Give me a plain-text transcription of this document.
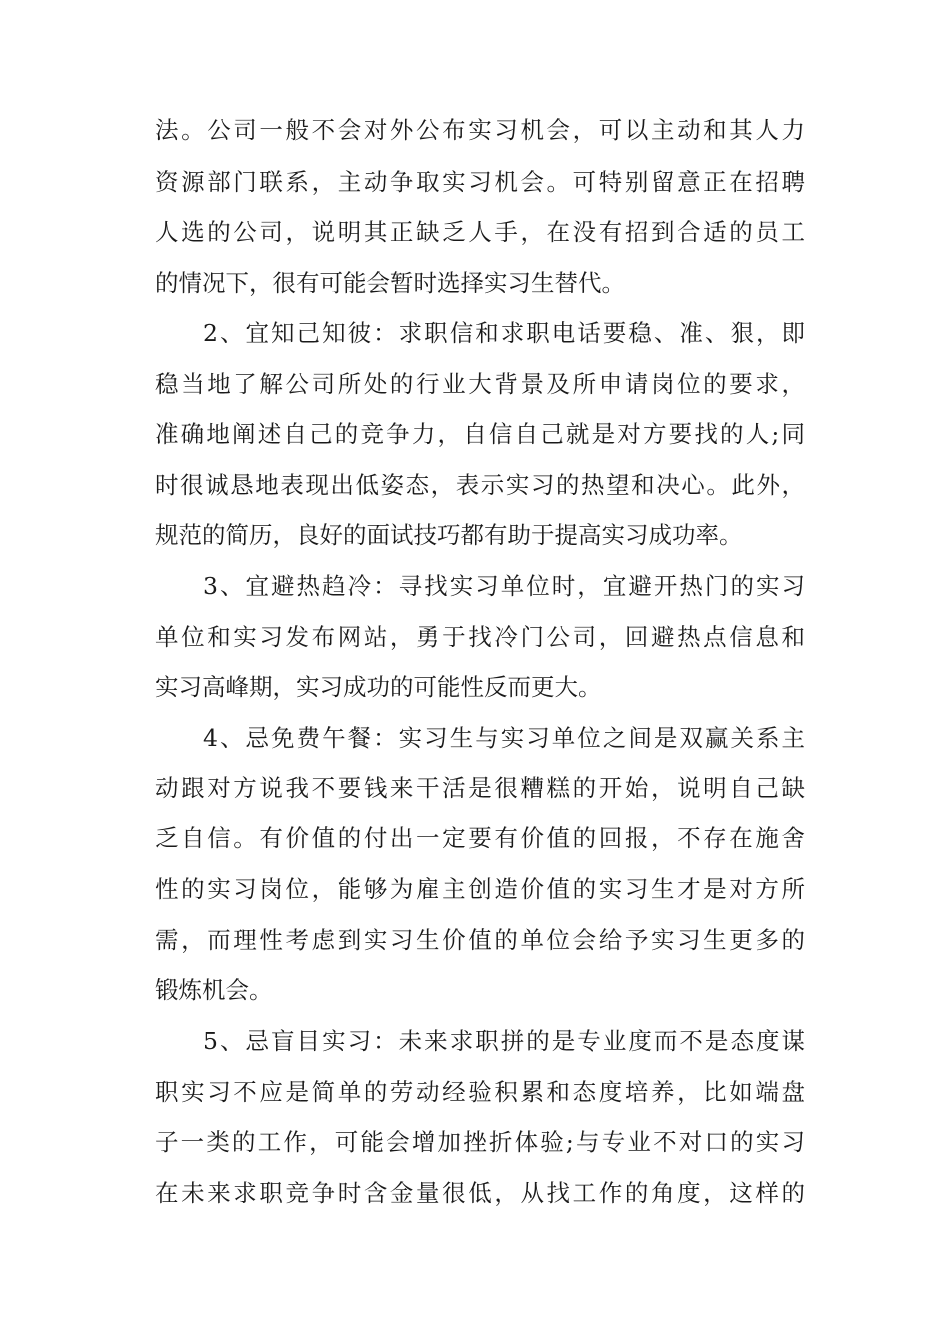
法。公司一般不会对外公布实习机会，可以主动和其人力
资源部门联系，主动争取实习机会。可特别留意正在招聘
人选的公司，说明其正缺乏人手，在没有招到合适的员工
的情况下，很有可能会暂时选择实习生替代。
2、宜知己知彼：求职信和求职电话要稳、准、狠，即
稳当地了解公司所处的行业大背景及所申请岗位的要求，
准确地阐述自己的竞争力，自信自己就是对方要找的人;同
时很诚恳地表现出低姿态，表示实习的热望和决心。此外，
规范的简历，良好的面试技巧都有助于提高实习成功率。
3、宜避热趋冷：寻找实习单位时，宜避开热门的实习
单位和实习发布网站，勇于找冷门公司，回避热点信息和
实习高峰期，实习成功的可能性反而更大。
4、忌免费午餐：实习生与实习单位之间是双赢关系主
动跟对方说我不要钱来干活是很糟糕的开始，说明自己缺
乏自信。有价值的付出一定要有价值的回报，不存在施舍
性的实习岗位，能够为雇主创造价值的实习生才是对方所
需，而理性考虑到实习生价值的单位会给予实习生更多的
锻炼机会。
5、忌盲目实习：未来求职拼的是专业度而不是态度谋
职实习不应是简单的劳动经验积累和态度培养，比如端盘
子一类的工作，可能会增加挫折体验;与专业不对口的实习
在未来求职竞争时含金量很低，从找工作的角度，这样的
